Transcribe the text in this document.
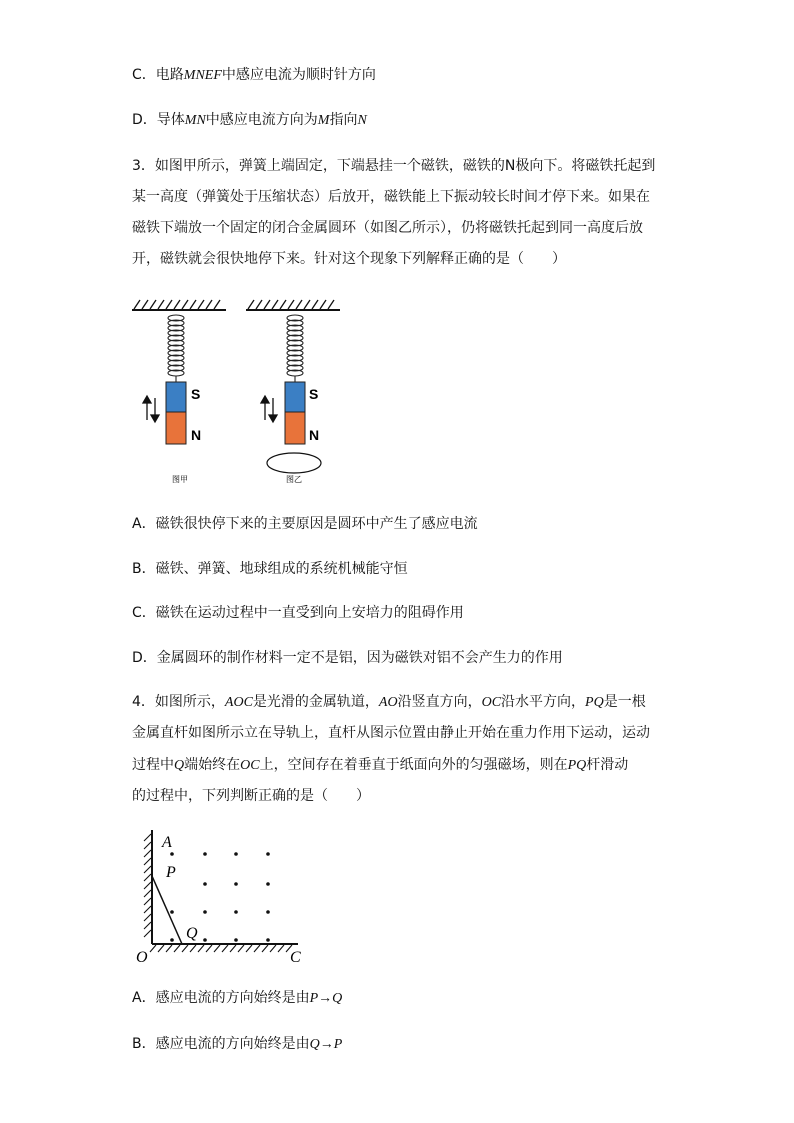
C．电路MNEF中感应电流为顺时针方向
D．导体MN中感应电流方向为M指向N
3．如图甲所示，弹簧上端固定，下端悬挂一个磁铁，磁铁的N极向下。将磁铁托起到
某一高度（弹簧处于压缩状态）后放开，磁铁能上下振动较长时间才停下来。如果在
磁铁下端放一个固定的闭合金属圆环（如图乙所示），仍将磁铁托起到同一高度后放
开，磁铁就会很快地停下来。针对这个现象下列解释正确的是（　　）
S
N
S
N
图甲	图乙
A．磁铁很快停下来的主要原因是圆环中产生了感应电流
B．磁铁、弹簧、地球组成的系统机械能守恒
C．磁铁在运动过程中一直受到向上安培力的阻碍作用
D．金属圆环的制作材料一定不是铝，因为磁铁对铝不会产生力的作用
4．如图所示，AOC是光滑的金属轨道，AO沿竖直方向，OC沿水平方向，PQ是一根
金属直杆如图所示立在导轨上，直杆从图示位置由静止开始在重力作用下运动，运动
过程中Q端始终在OC上，空间存在着垂直于纸面向外的匀强磁场，则在PQ杆滑动
的过程中，下列判断正确的是（　　）
A
P
Q
O	C
A．感应电流的方向始终是由P→Q
B．感应电流的方向始终是由Q→P
